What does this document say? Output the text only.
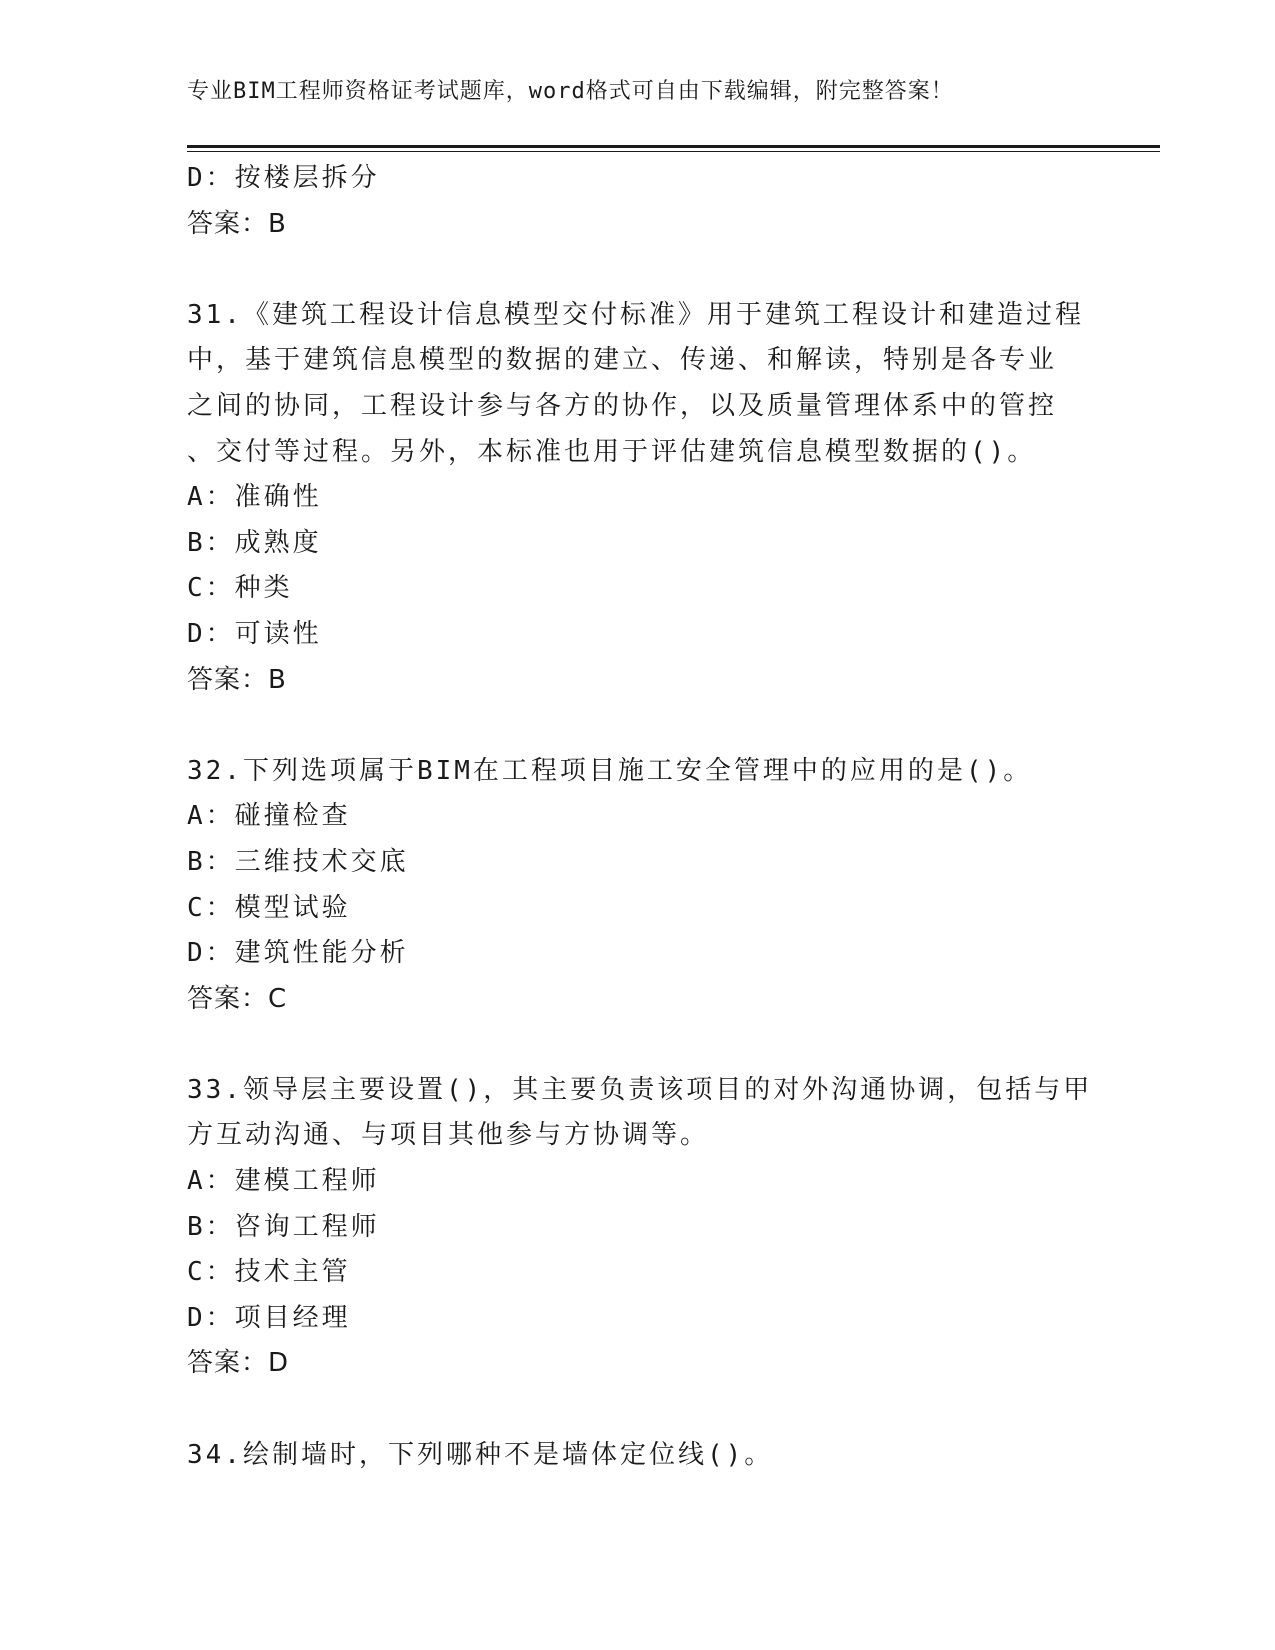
专业BIM工程师资格证考试题库，word格式可自由下载编辑，附完整答案！
D：按楼层拆分
答案：B
31.《建筑工程设计信息模型交付标准》用于建筑工程设计和建造过程
中，基于建筑信息模型的数据的建立、传递、和解读，特别是各专业
之间的协同，工程设计参与各方的协作，以及质量管理体系中的管控
、交付等过程。另外，本标准也用于评估建筑信息模型数据的()。
A：准确性
B：成熟度
C：种类
D：可读性
答案：B
32.下列选项属于BIM在工程项目施工安全管理中的应用的是()。
A：碰撞检查
B：三维技术交底
C：模型试验
D：建筑性能分析
答案：C
33.领导层主要设置()，其主要负责该项目的对外沟通协调，包括与甲
方互动沟通、与项目其他参与方协调等。
A：建模工程师
B：咨询工程师
C：技术主管
D：项目经理
答案：D
34.绘制墙时，下列哪种不是墙体定位线()。
